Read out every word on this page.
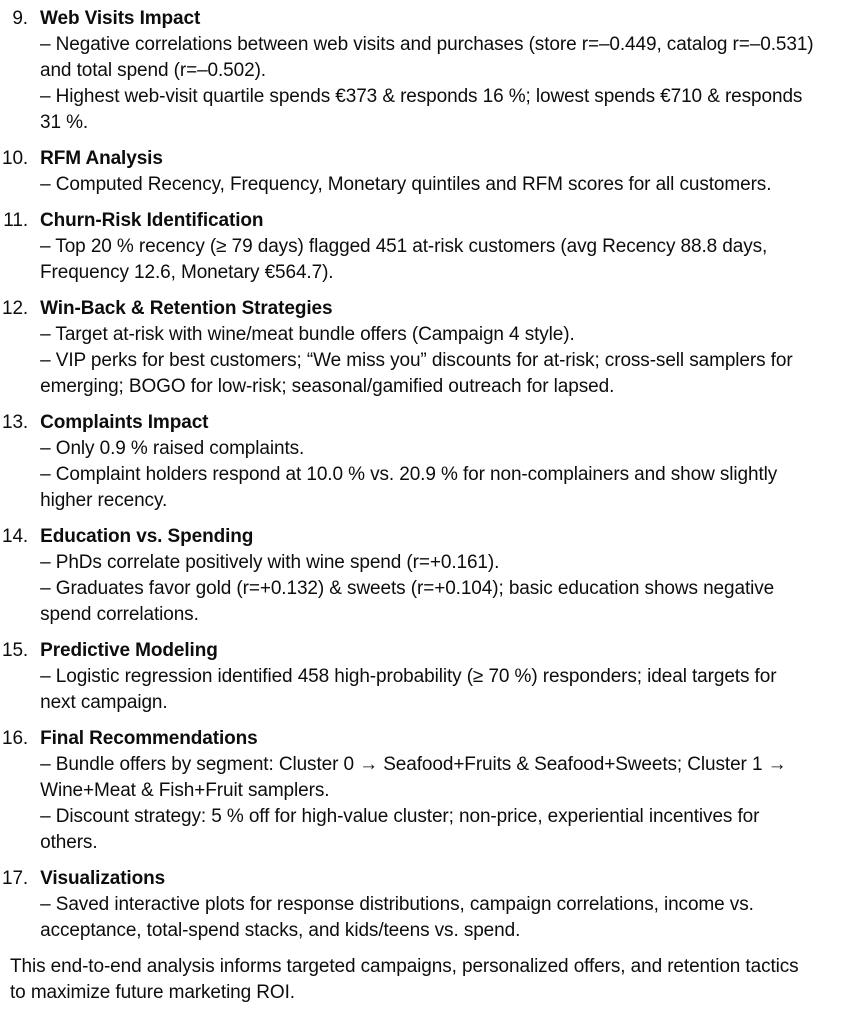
9. Web Visits Impact
– Negative correlations between web visits and purchases (store r=–0.449, catalog r=–0.531) and total spend (r=–0.502).
– Highest web-visit quartile spends €373 & responds 16 %; lowest spends €710 & responds 31 %.
10. RFM Analysis
– Computed Recency, Frequency, Monetary quintiles and RFM scores for all customers.
11. Churn-Risk Identification
– Top 20 % recency (≥ 79 days) flagged 451 at-risk customers (avg Recency 88.8 days, Frequency 12.6, Monetary €564.7).
12. Win-Back & Retention Strategies
– Target at-risk with wine/meat bundle offers (Campaign 4 style).
– VIP perks for best customers; “We miss you” discounts for at-risk; cross-sell samplers for emerging; BOGO for low-risk; seasonal/gamified outreach for lapsed.
13. Complaints Impact
– Only 0.9 % raised complaints.
– Complaint holders respond at 10.0 % vs. 20.9 % for non-complainers and show slightly higher recency.
14. Education vs. Spending
– PhDs correlate positively with wine spend (r=+0.161).
– Graduates favor gold (r=+0.132) & sweets (r=+0.104); basic education shows negative spend correlations.
15. Predictive Modeling
– Logistic regression identified 458 high-probability (≥ 70 %) responders; ideal targets for next campaign.
16. Final Recommendations
– Bundle offers by segment: Cluster 0 → Seafood+Fruits & Seafood+Sweets; Cluster 1 → Wine+Meat & Fish+Fruit samplers.
– Discount strategy: 5 % off for high-value cluster; non-price, experiential incentives for others.
17. Visualizations
– Saved interactive plots for response distributions, campaign correlations, income vs. acceptance, total-spend stacks, and kids/teens vs. spend.

This end-to-end analysis informs targeted campaigns, personalized offers, and retention tactics to maximize future marketing ROI.
